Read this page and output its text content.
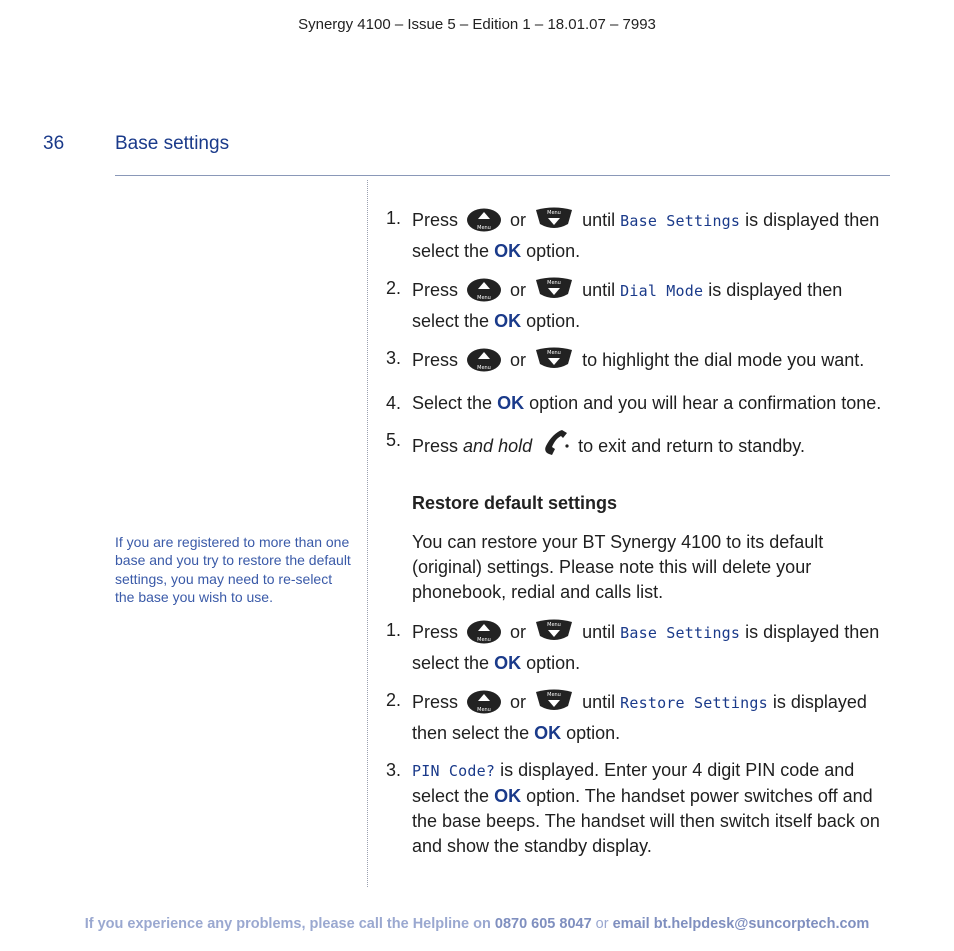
Synergy 4100 – Issue 5 – Edition 1 – 18.01.07 – 7993
36	Base settings
If you are registered to more than one base and you try to restore the default settings, you may need to re-select the base you wish to use.
1. Press	Menu or	Menu until Base Settings is displayed then select the OK option.
2. Press	Menu or	Menu until Dial Mode is displayed then select the OK option.
3. Press	Menu or	Menu to highlight the dial mode you want.
4. Select the OK option and you will hear a confirmation tone.
5. Press and hold	to exit and return to standby.
Restore default settings
You can restore your BT Synergy 4100 to its default (original) settings. Please note this will delete your phonebook, redial and calls list.
1. Press	Menu or	Menu until Base Settings is displayed then select the OK option.
2. Press	Menu or	Menu until Restore Settings is displayed then select the OK option.
3. PIN Code? is displayed. Enter your 4 digit PIN code and select the OK option. The handset power switches off and the base beeps. The handset will then switch itself back on and show the standby display.
If you experience any problems, please call the Helpline on 0870 605 8047 or email bt.helpdesk@suncorptech.com
